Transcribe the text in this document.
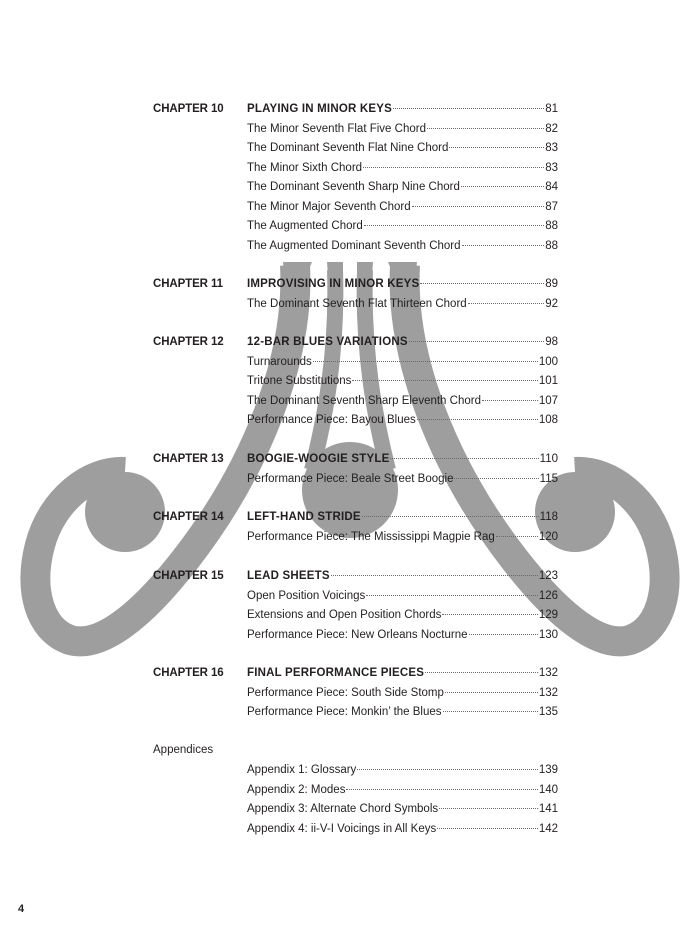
CHAPTER 10 PLAYING IN MINOR KEYS	81
The Minor Seventh Flat Five Chord	82
The Dominant Seventh Flat Nine Chord	83
The Minor Sixth Chord	83
The Dominant Seventh Sharp Nine Chord	84
The Minor Major Seventh Chord	87
The Augmented Chord	88
The Augmented Dominant Seventh Chord	88
CHAPTER 11 IMPROVISING IN MINOR KEYS	89
The Dominant Seventh Flat Thirteen Chord	92
CHAPTER 12 12-BAR BLUES VARIATIONS	98
Turnarounds	100
Tritone Substitutions	101
The Dominant Seventh Sharp Eleventh Chord	107
Performance Piece: Bayou Blues	108
CHAPTER 13 BOOGIE-WOOGIE STYLE	110
Performance Piece: Beale Street Boogie	115
CHAPTER 14 LEFT-HAND STRIDE	118
Performance Piece: The Mississippi Magpie Rag	120
CHAPTER 15 LEAD SHEETS	123
Open Position Voicings	126
Extensions and Open Position Chords	129
Performance Piece: New Orleans Nocturne	130
CHAPTER 16 FINAL PERFORMANCE PIECES	132
Performance Piece: South Side Stomp	132
Performance Piece: Monkin’ the Blues	135
Appendices
Appendix 1: Glossary	139
Appendix 2: Modes	140
Appendix 3: Alternate Chord Symbols	141
Appendix 4: ii-V-I Voicings in All Keys	142
4
